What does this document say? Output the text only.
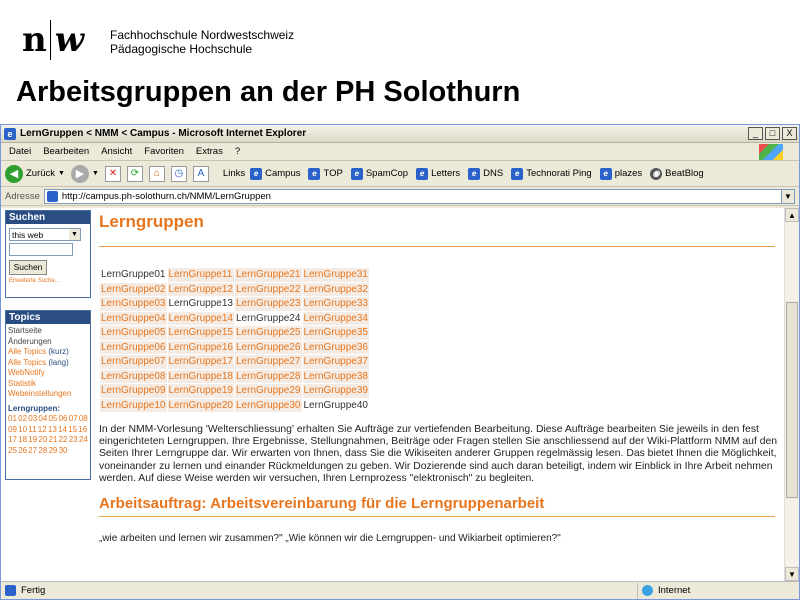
n w Fachhochschule Nordwestschweiz
Pädagogische Hochschule
Arbeitsgruppen an der PH Solothurn
e LernGruppen < NMM < Campus - Microsoft Internet Explorer	_	□	X
Datei Bearbeiten Ansicht Favoriten Extras ?
◀ Zurück ▼ ▶	▼ ✕	⟳	⌂	◷	A	Links	e Campus	e TOP	e SpamCop	e Letters	e DNS	e Technorati Ping	e plazes	◉ BeatBlog
Adresse http://campus.ph-solothurn.ch/NMM/LernGruppen	▼
Suchen
this web	▼
Suchen
Erweiterte Suche...
Topics
Startseite
Änderungen
Alle Topics (kurz)
Alle Topics (lang)
WebNotify
Statistik
Webeinstellungen
Lerngruppen:
01 02 03 04 05 06 07 08 09 10 11 12 13 14 15 16 17 18 19 20 21 22 23 24 25 26 27 28 29 30
Lerngruppen
LernGruppe01	LernGruppe11	LernGruppe21	LernGruppe31
LernGruppe02	LernGruppe12	LernGruppe22	LernGruppe32
LernGruppe03	LernGruppe13	LernGruppe23	LernGruppe33
LernGruppe04	LernGruppe14	LernGruppe24	LernGruppe34
LernGruppe05	LernGruppe15	LernGruppe25	LernGruppe35
LernGruppe06	LernGruppe16	LernGruppe26	LernGruppe36
LernGruppe07	LernGruppe17	LernGruppe27	LernGruppe37
LernGruppe08	LernGruppe18	LernGruppe28	LernGruppe38
LernGruppe09	LernGruppe19	LernGruppe29	LernGruppe39
LernGruppe10	LernGruppe20	LernGruppe30	LernGruppe40
In der NMM-Vorlesung 'Welterschliessung' erhalten Sie Aufträge zur vertiefenden Bearbeitung. Diese Aufträge bearbeiten Sie jeweils in den fest eingerichteten Lerngruppen. Ihre Ergebnisse, Stellungnahmen, Beiträge oder Fragen stellen Sie anschliessend auf der Wiki-Plattform NMM auf den Seiten Ihrer Lerngruppe dar. Wir erwarten von Ihnen, dass Sie die Wikiseiten anderer Gruppen regelmässig lesen. Das bietet Ihnen die Möglichkeit, voneinander zu lernen und einander Rückmeldungen zu geben. Wir Dozierende sind auch daran beteiligt, indem wir Einblick in Ihre Arbeit nehmen werden. Auf diese Weise werden wir versuchen, Ihren Lernprozess "elektronisch" zu begleiten.
Arbeitsauftrag: Arbeitsvereinbarung für die Lerngruppenarbeit
„wie arbeiten und lernen wir zusammen?" „Wie können wir die Lerngruppen- und Wikiarbeit optimieren?"
▲
▼
Fertig	Internet
